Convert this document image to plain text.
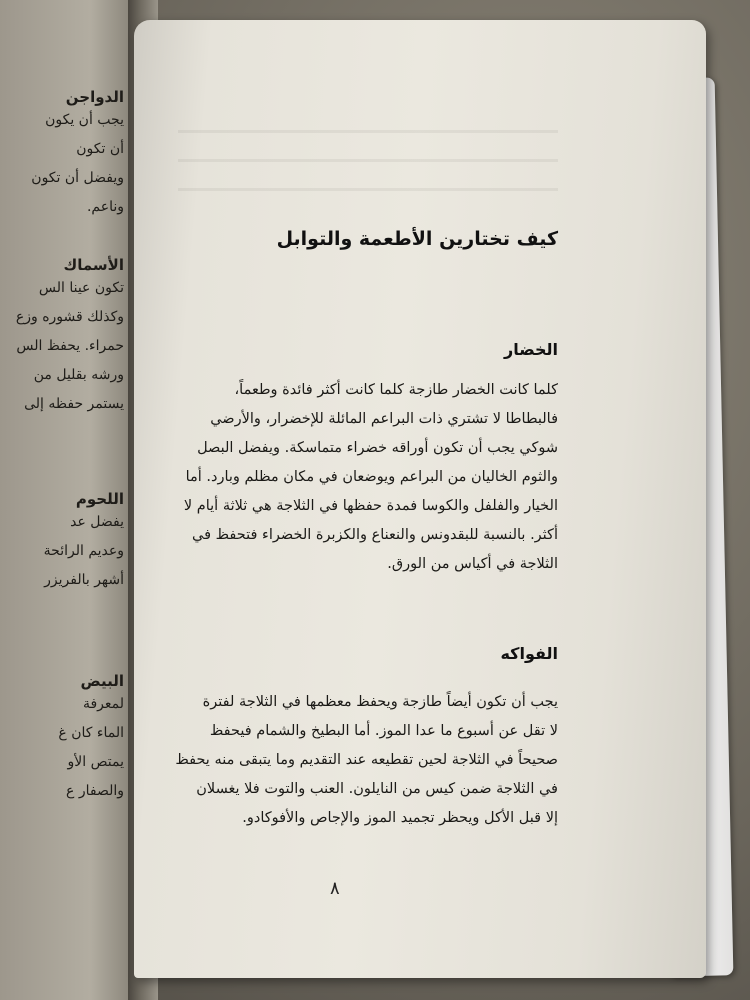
الدواجن
يجب أن يكون
أن تكون
ويفضل أن تكون
وناعم.
الأسماك
تكون عينا الس
وكذلك قشوره وزع
حمراء. يحفظ الس
ورشه بقليل من
يستمر حفظه إلى
اللحوم
يفضل عد
وعديم الرائحة
أشهر بالفريزر
البيض
لمعرفة
الماء كان غ
يمتص الأو
والصفار ع
كيف تختارين الأطعمة والتوابل
الخضار
كلما كانت الخضار طازجة كلما كانت أكثر فائدة وطعماً،
فالبطاطا لا تشتري ذات البراعم المائلة للإخضرار، والأرضي
شوكي يجب أن تكون أوراقه خضراء متماسكة. ويفضل البصل
والثوم الخاليان من البراعم ويوضعان في مكان مظلم وبارد. أما
الخيار والفلفل والكوسا فمدة حفظها في الثلاجة هي ثلاثة أيام لا
أكثر. بالنسبة للبقدونس والنعناع والكزبرة الخضراء فتحفظ في
الثلاجة في أكياس من الورق.
الفواكه
يجب أن تكون أيضاً طازجة ويحفظ معظمها في الثلاجة لفترة
لا تقل عن أسبوع ما عدا الموز. أما البطيخ والشمام فيحفظ
صحيحاً في الثلاجة لحين تقطيعه عند التقديم وما يتبقى منه يحفظ
في الثلاجة ضمن كيس من النايلون. العنب والتوت فلا يغسلان
إلا قبل الأكل ويحظر تجميد الموز والإجاص والأفوكادو.
٨
